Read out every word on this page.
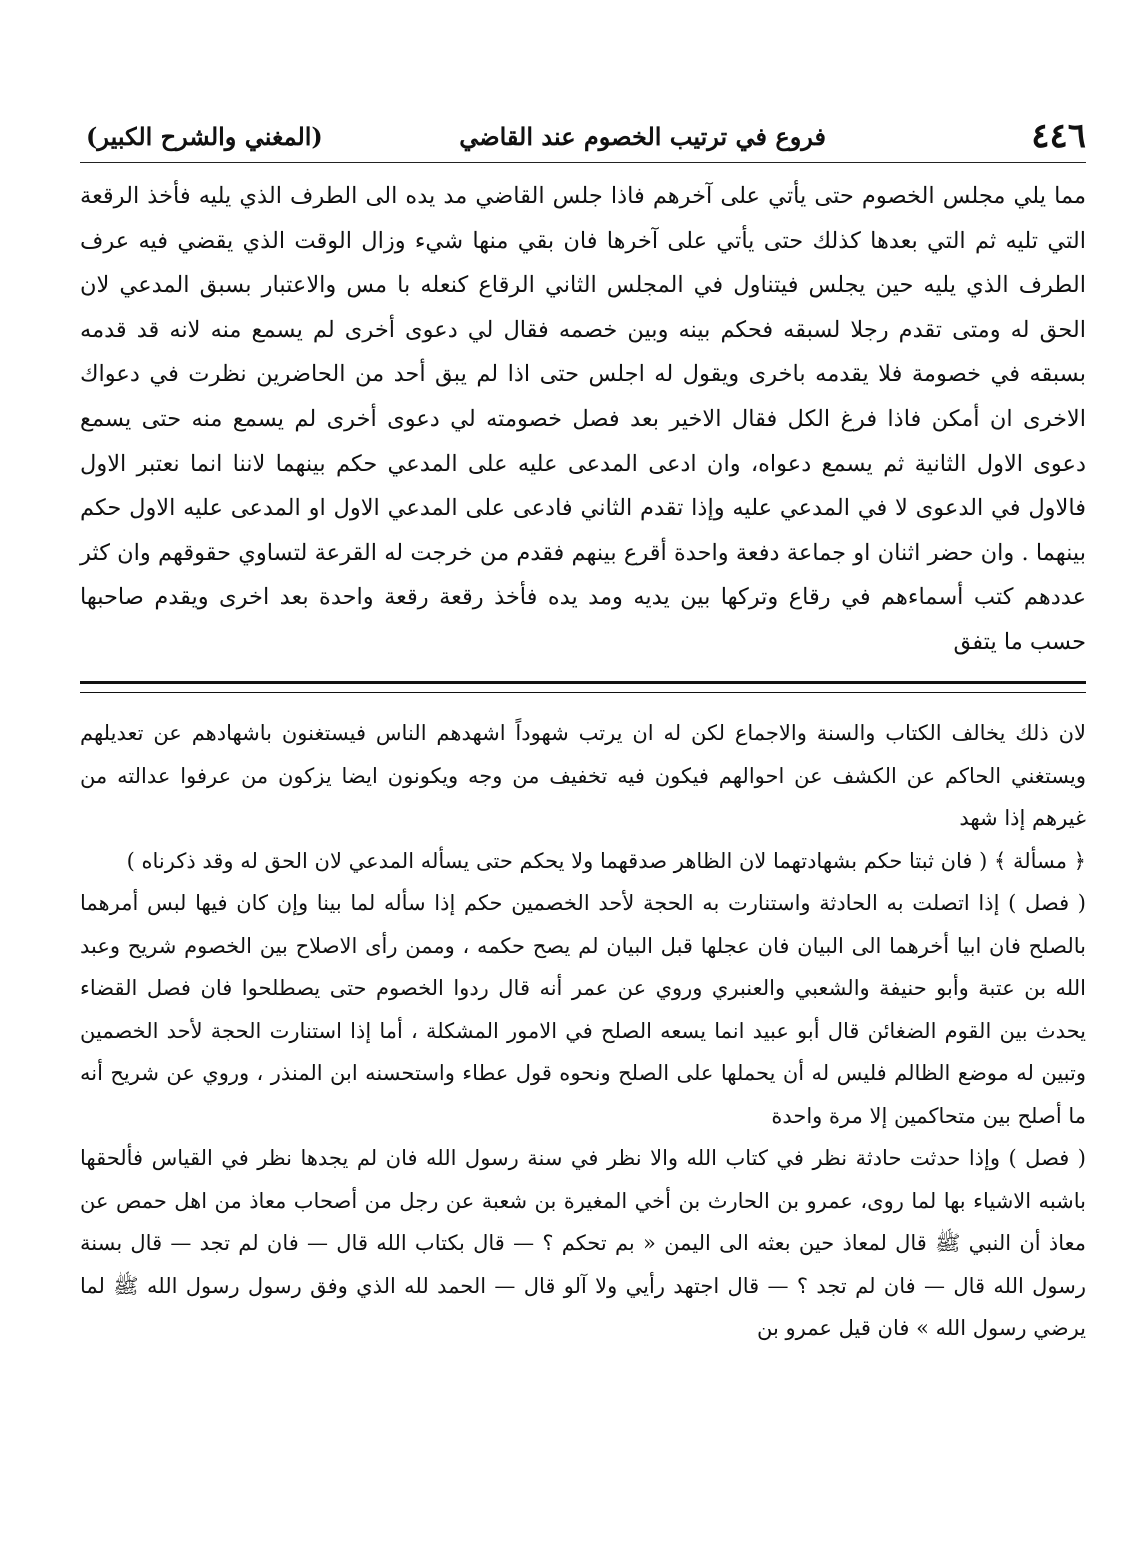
٤٤٦
فروع في ترتيب الخصوم عند القاضي
(المغني والشرح الكبير)

مما يلي مجلس الخصوم حتى يأتي على آخرهم فاذا جلس القاضي مد يده الى الطرف الذي يليه فأخذ الرقعة التي تليه ثم التي بعدها كذلك حتى يأتي على آخرها فان بقي منها شيء وزال الوقت الذي يقضي فيه عرف الطرف الذي يليه حين يجلس فيتناول في المجلس الثاني الرقاع كنعله با مس والاعتبار بسبق المدعي لان الحق له ومتى تقدم رجلا لسبقه فحكم بينه وبين خصمه فقال لي دعوى أخرى لم يسمع منه لانه قد قدمه بسبقه في خصومة فلا يقدمه باخرى ويقول له اجلس حتى اذا لم يبق أحد من الحاضرين نظرت في دعواك الاخرى ان أمكن فاذا فرغ الكل فقال الاخير بعد فصل خصومته لي دعوى أخرى لم يسمع منه حتى يسمع دعوى الاول الثانية ثم يسمع دعواه، وان ادعى المدعى عليه على المدعي حكم بينهما لاننا انما نعتبر الاول فالاول في الدعوى لا في المدعي عليه وإذا تقدم الثاني فادعى على المدعي الاول او المدعى عليه الاول حكم بينهما . وان حضر اثنان او جماعة دفعة واحدة أقرع بينهم فقدم من خرجت له القرعة لتساوي حقوقهم وان كثر عددهم كتب أسماءهم في رقاع وتركها بين يديه ومد يده فأخذ رقعة رقعة واحدة بعد اخرى ويقدم صاحبها حسب ما يتفق

لان ذلك يخالف الكتاب والسنة والاجماع لكن له ان يرتب شهوداً اشهدهم الناس فيستغنون باشهادهم عن تعديلهم ويستغني الحاكم عن الكشف عن احوالهم فيكون فيه تخفيف من وجه ويكونون ايضا يزكون من عرفوا عدالته من غيرهم إذا شهد

﴿ مسألة ﴾ ( فان ثبتا حكم بشهادتهما لان الظاهر صدقهما ولا يحكم حتى يسأله المدعي لان الحق له وقد ذكرناه )

( فصل ) إذا اتصلت به الحادثة واستنارت به الحجة لأحد الخصمين حكم إذا سأله لما بينا وإن كان فيها لبس أمرهما بالصلح فان ابيا أخرهما الى البيان فان عجلها قبل البيان لم يصح حكمه ، وممن رأى الاصلاح بين الخصوم شريح وعبد الله بن عتبة وأبو حنيفة والشعبي والعنبري وروي عن عمر أنه قال ردوا الخصوم حتى يصطلحوا فان فصل القضاء يحدث بين القوم الضغائن قال أبو عبيد انما يسعه الصلح في الامور المشكلة ، أما إذا استنارت الحجة لأحد الخصمين وتبين له موضع الظالم فليس له أن يحملها على الصلح ونحوه قول عطاء واستحسنه ابن المنذر ، وروي عن شريح أنه ما أصلح بين متحاكمين إلا مرة واحدة

( فصل ) وإذا حدثت حادثة نظر في كتاب الله والا نظر في سنة رسول الله فان لم يجدها نظر في القياس فألحقها باشبه الاشياء بها لما روى، عمرو بن الحارث بن أخي المغيرة بن شعبة عن رجل من أصحاب معاذ من اهل حمص عن معاذ أن النبي ﷺ قال لمعاذ حين بعثه الى اليمن « بم تحكم ؟ — قال بكتاب الله قال — فان لم تجد — قال بسنة رسول الله قال — فان لم تجد ؟ — قال اجتهد رأيي ولا آلو قال — الحمد لله الذي وفق رسول رسول الله ﷺ لما يرضي رسول الله » فان قيل عمرو بن
